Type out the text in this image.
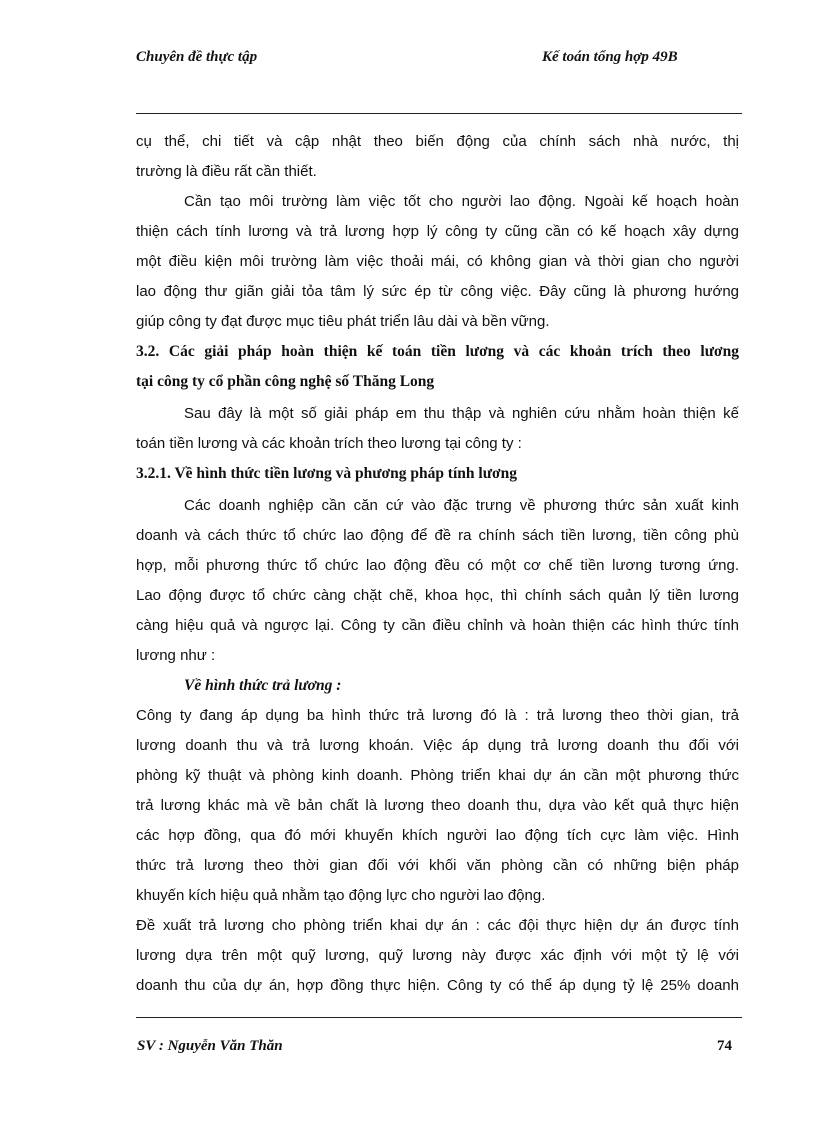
Chuyên đề thực tập	Kế toán tổng hợp 49B
cụ thể, chi tiết và cập nhật theo biến động của chính sách nhà nước, thị
trường là điều rất cần thiết.
Cần tạo môi trường làm việc tốt cho người lao động. Ngoài kế hoạch hoàn
thiện cách tính lương và trả lương hợp lý công ty cũng cần có kế hoạch xây dựng
một điều kiện môi trường làm việc thoải mái, có không gian và thời gian cho người
lao động thư giãn giải tỏa tâm lý sức ép từ công việc. Đây cũng là phương hướng
giúp công ty đạt được mục tiêu phát triển lâu dài và bền vững.
3.2. Các giải pháp hoàn thiện kế toán tiền lương và các khoản trích theo lương
tại công ty cổ phần công nghệ số Thăng Long
Sau đây là một số giải pháp em thu thập và nghiên cứu nhằm hoàn thiện kế
toán tiền lương và các khoản trích theo lương tại công ty :
3.2.1. Về hình thức tiền lương và phương pháp tính lương
Các doanh nghiệp cần căn cứ vào đặc trưng về phương thức sản xuất kinh
doanh và cách thức tổ chức lao động để đề ra chính sách tiền lương, tiền công phù
hợp, mỗi phương thức tổ chức lao động đều có một cơ chế tiền lương tương ứng.
Lao động được tổ chức càng chặt chẽ, khoa học, thì chính sách quản lý tiền lương
càng hiệu quả và ngược lại. Công ty cần điều chỉnh và hoàn thiện các hình thức tính
lương như :
Về hình thức trả lương :
Công ty đang áp dụng ba hình thức trả lương đó là : trả lương theo thời gian, trả
lương doanh thu và trả lương khoán. Việc áp dụng trả lương doanh thu đối với
phòng kỹ thuật và phòng kinh doanh. Phòng triển khai dự án cần một phương thức
trả lương khác mà về bản chất là lương theo doanh thu, dựa vào kết quả thực hiện
các hợp đồng, qua đó mới khuyến khích người lao động tích cực làm việc. Hình
thức trả lương theo thời gian đối với khối văn phòng cần có những biện pháp
khuyến kích hiệu quả nhằm tạo động lực cho người lao động.
Đề xuất trả lương cho phòng triển khai dự án : các đội thực hiện dự án được tính
lương dựa trên một quỹ lương, quỹ lương này được xác định với một tỷ lệ với
doanh thu của dự án, hợp đồng thực hiện. Công ty có thể áp dụng tỷ lệ 25% doanh
SV : Nguyễn Văn Thăn	74
